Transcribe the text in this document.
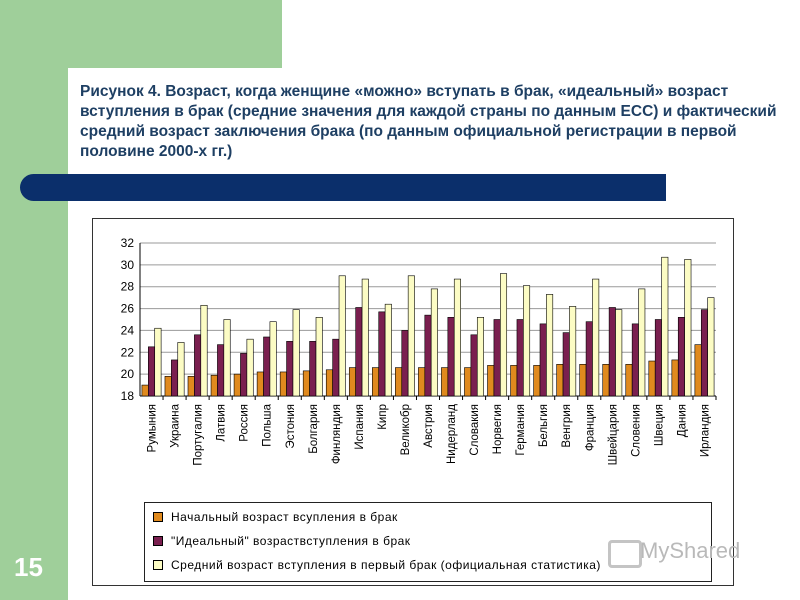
15
Рисунок 4. Возраст, когда женщине «можно» вступать в брак, «идеальный» возраст вступления в брак (средние значения для каждой страны по данным ЕСС) и фактический средний возраст заключения брака (по данным официальной регистрации в первой половине 2000-х гг.)
18
20
22
24
26
28
30
32
Румыния Украина Португалия Латвия Россия Польша Эстония Болгария Финляндия Испания Кипр Великобр Австрия Нидерланд Словакия Норвегия Германия Бельгия Венгрия Франция Швейцария Словения Швеция Дания Ирландия
Начальный возраст всупления в брак
"Идеальный" возраствступления в брак
Средний возраст вступления в первый брак (официальная статистика)
MyShared
